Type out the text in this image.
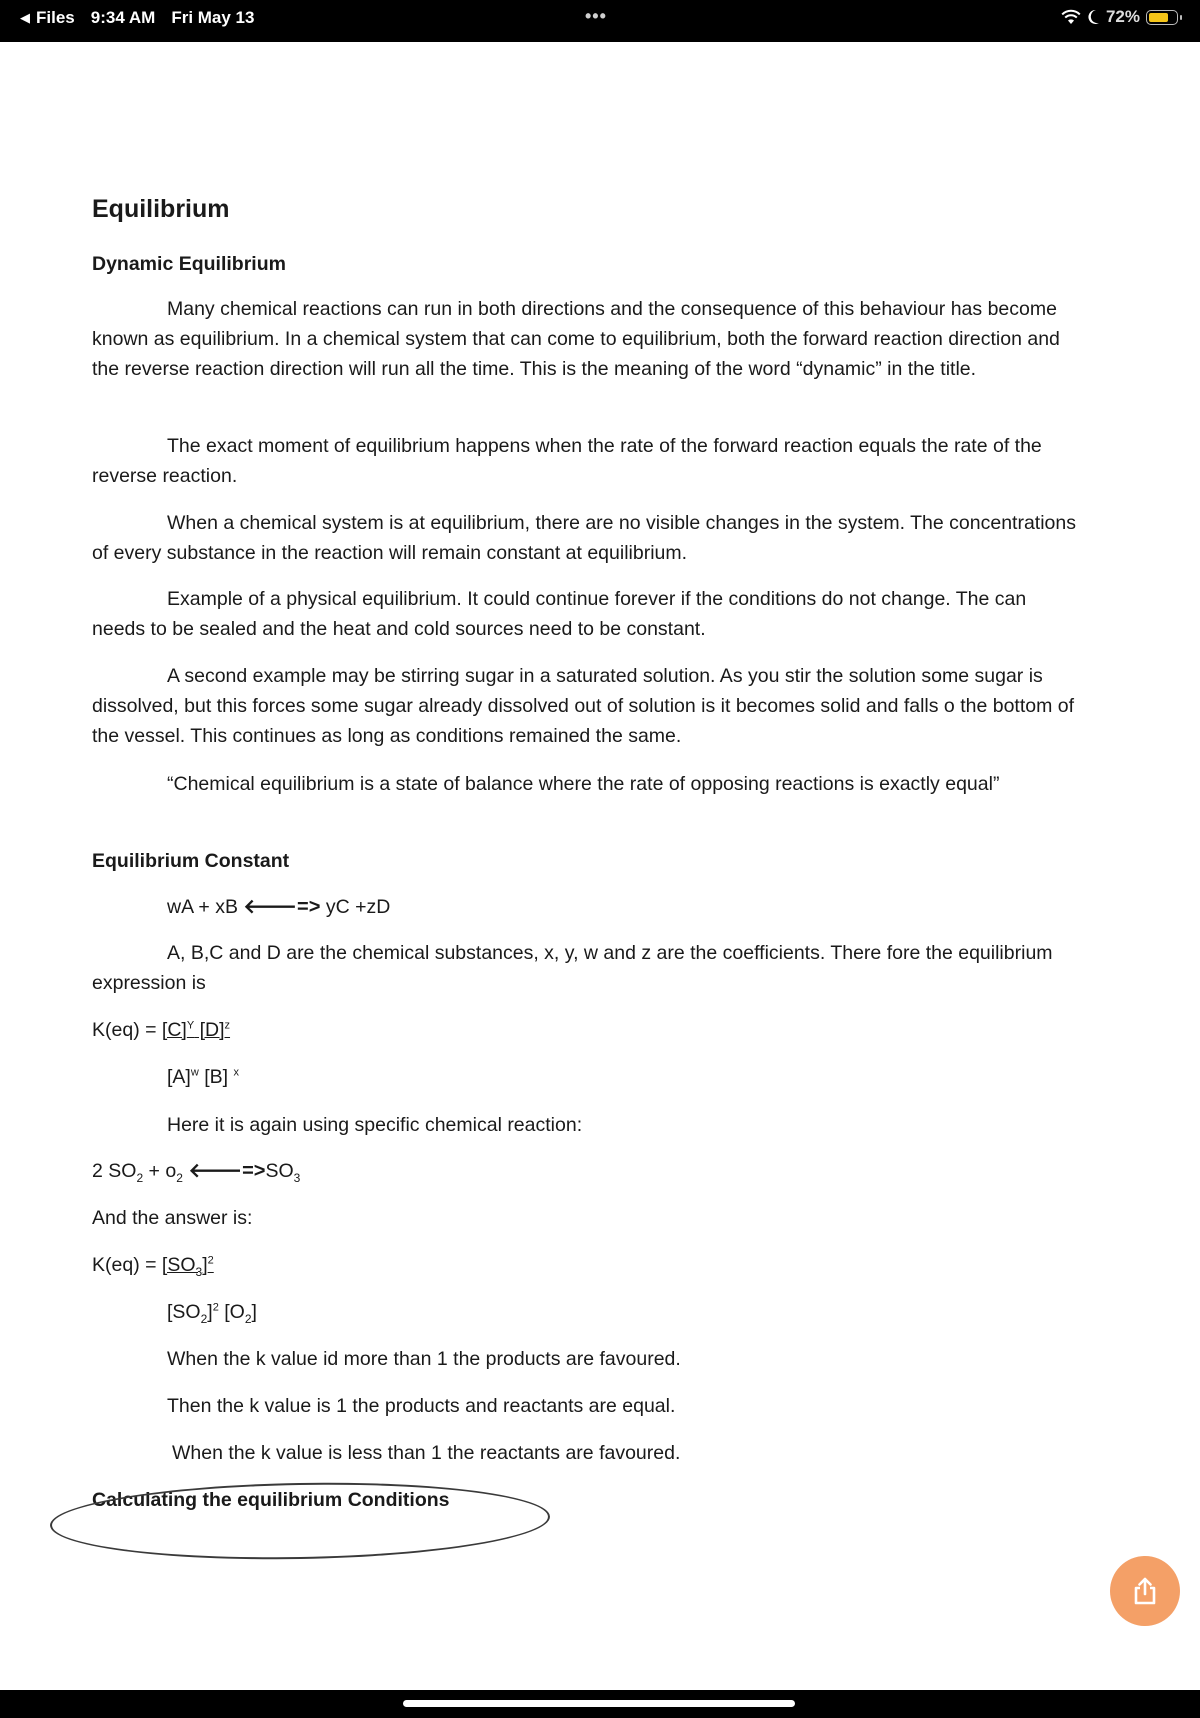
◀ Files 9:34 AM Fri May 13	•••	72%
Equilibrium
Dynamic Equilibrium

Many chemical reactions can run in both directions and the consequence of this behaviour has become known as equilibrium. In a chemical system that can come to equilibrium, both the forward reaction direction and the reverse reaction direction will run all the time. This is the meaning of the word “dynamic” in the title.

The exact moment of equilibrium happens when the rate of the forward reaction equals the rate of the reverse reaction.

When a chemical system is at equilibrium, there are no visible changes in the system. The concentrations of every substance in the reaction will remain constant at equilibrium.

Example of a physical equilibrium. It could continue forever if the conditions do not change. The can needs to be sealed and the heat and cold sources need to be constant.

A second example may be stirring sugar in a saturated solution. As you stir the solution some sugar is dissolved, but this forces some sugar already dissolved out of solution is it becomes solid and falls o the bottom of the vessel. This continues as long as conditions remained the same.

“Chemical equilibrium is a state of balance where the rate of opposing reactions is exactly equal”

Equilibrium Constant
wA + xB 🡐=> yC +zD

A, B,C and D are the chemical substances, x, y, w and z are the coefficients. There fore the equilibrium expression is

$K(eq) = [C]^Y$ $[D]^z$
$[A]^w$ [B] $^x$
Here it is again using specific chemical reaction:
2 $SO_2 + o_2$ $🡐=>SO_3$
And the answer is:
$K(eq) = [SO_3]^2$
$[SO_2]^2$ $[O_2]$
When the k value id more than 1 the products are favoured.
Then the k value is 1 the products and reactants are equal.
When the k value is less than 1 the reactants are favoured.
Calculating the equilibrium Conditions
